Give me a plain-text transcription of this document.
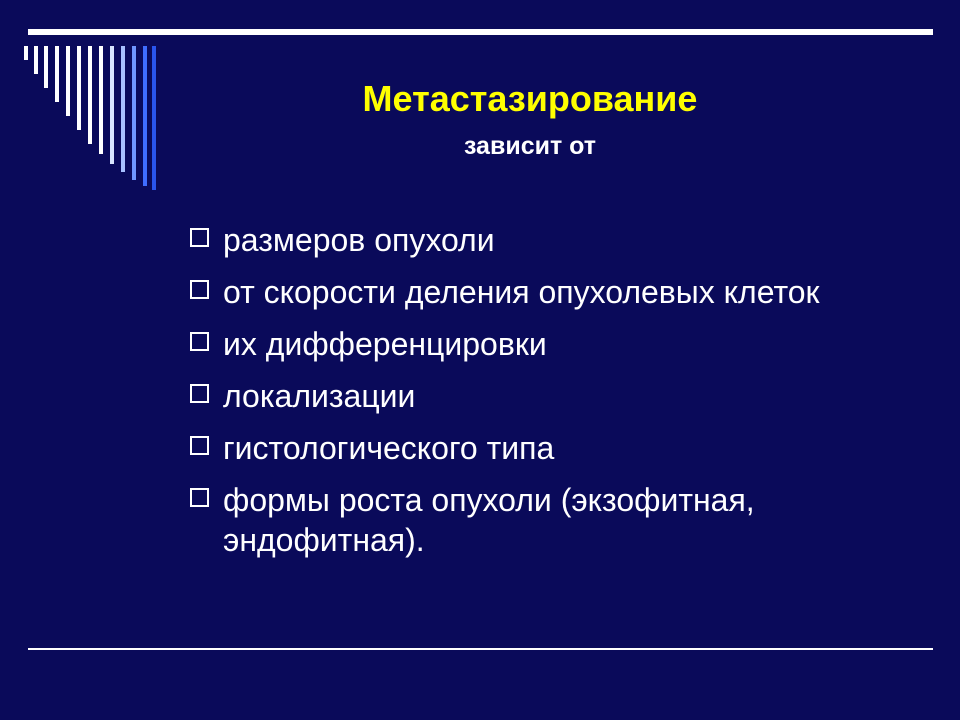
Метастазирование
зависит от
размеров опухоли
от скорости деления опухолевых клеток
их дифференцировки
локализации
гистологического типа
формы роста опухоли (экзофитная, эндофитная).
